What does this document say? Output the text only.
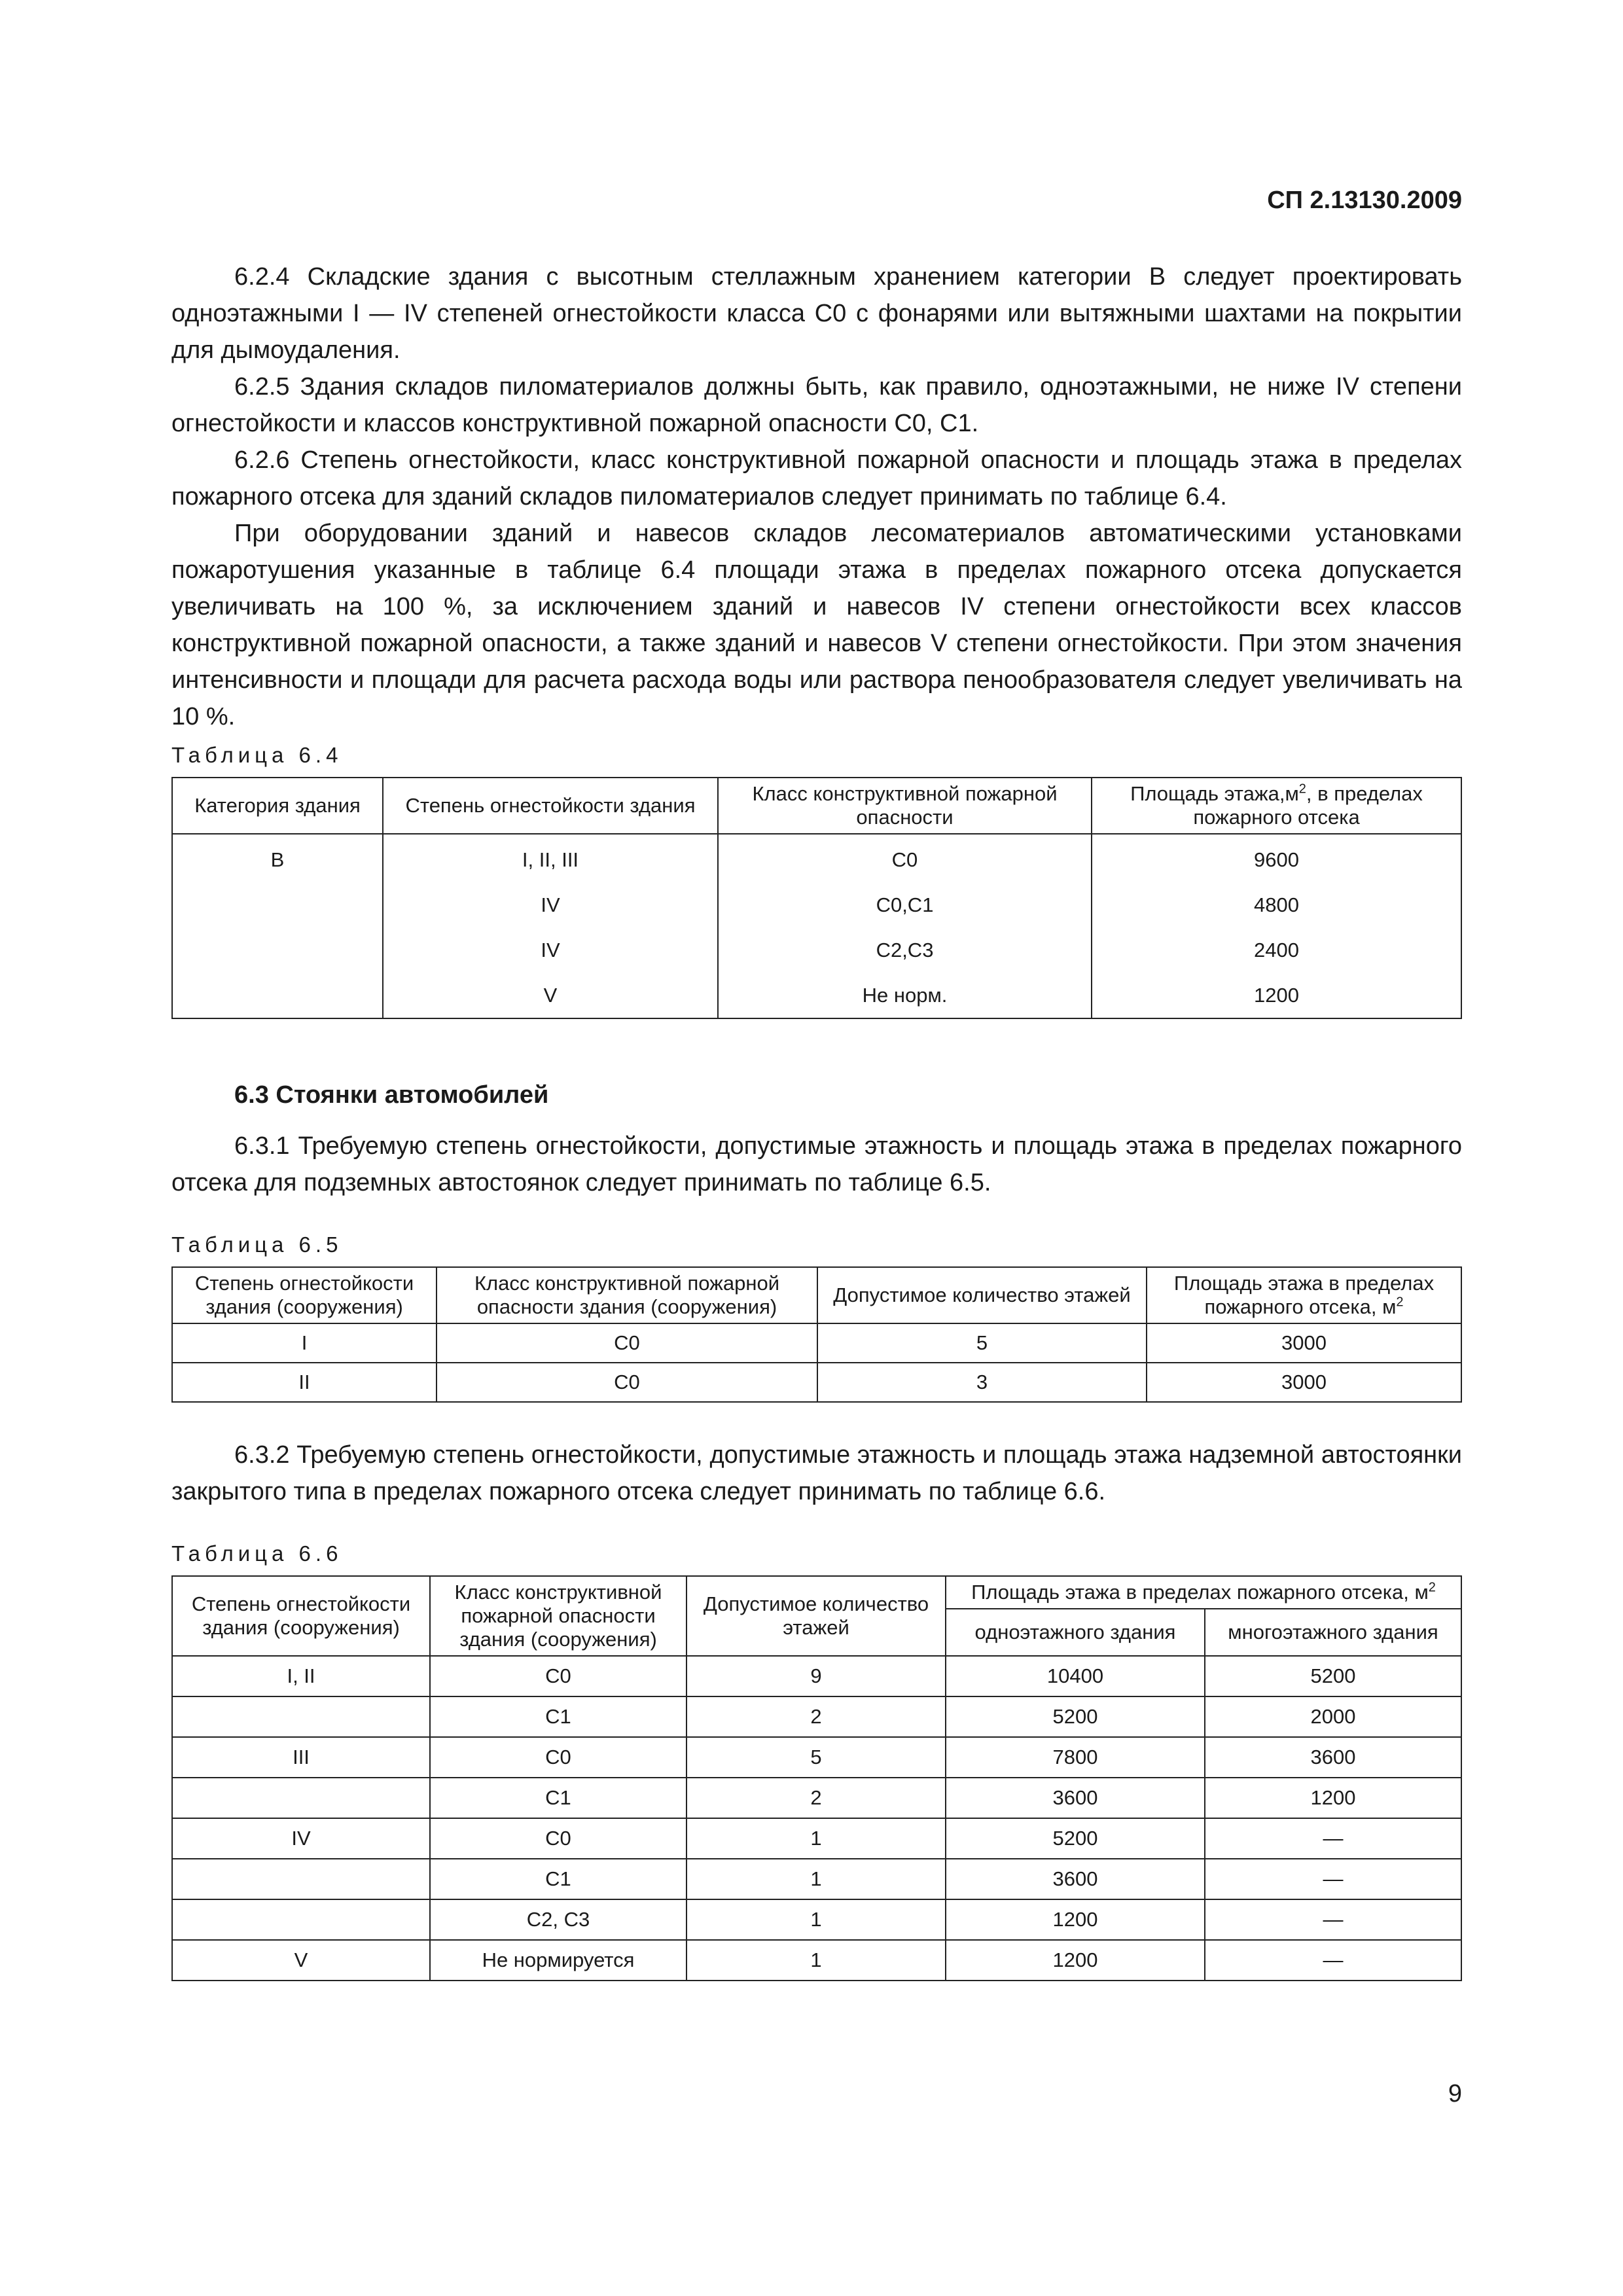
СП 2.13130.2009

6.2.4 Складские здания с высотным стеллажным хранением категории В следует проектировать одноэтажными I — IV степеней огнестойкости класса С0 с фонарями или вытяжными шахтами на покрытии для дымоудаления.

6.2.5 Здания складов пиломатериалов должны быть, как правило, одноэтажными, не ниже IV степени огнестойкости и классов конструктивной пожарной опасности С0, С1.

6.2.6 Степень огнестойкости, класс конструктивной пожарной опасности и площадь этажа в пределах пожарного отсека для зданий складов пиломатериалов следует принимать по таблице 6.4.

При оборудовании зданий и навесов складов лесоматериалов автоматическими установками пожаротушения указанные в таблице 6.4 площади этажа в пределах пожарного отсека допускается увеличивать на 100 %, за исключением зданий и навесов IV степени огнестойкости всех классов конструктивной пожарной опасности, а также зданий и навесов V степени огнестойкости. При этом значения интенсивности и площади для расчета расхода воды или раствора пенообразователя следует увеличивать на 10 %.

Таблица 6.4
Категория здания	Степень огнестойкости здания	Класс конструктивной пожарной опасности	Площадь $этажа,м^2$, в пределах пожарного отсека
В	I, II, III	С0	9600
	IV	С0,С1	4800
	IV	С2,С3	2400
	V	Не норм.	1200
6.3 Стоянки автомобилей

6.3.1 Требуемую степень огнестойкости, допустимые этажность и площадь этажа в пределах пожарного отсека для подземных автостоянок следует принимать по таблице 6.5.

Таблица 6.5
Степень огнестойкости здания (сооружения)	Класс конструктивной пожарной опасности здания (сооружения)	Допустимое количество этажей	Площадь этажа в пределах пожарного отсека, $м^2$
I	С0	5	3000
II	С0	3	3000

6.3.2 Требуемую степень огнестойкости, допустимые этажность и площадь этажа надземной автостоянки закрытого типа в пределах пожарного отсека следует принимать по таблице 6.6.

Таблица 6.6
Степень огнестойкости здания (сооружения)	Класс конструктивной пожарной опасности здания (сооружения)	Допустимое количество этажей	Площадь этажа в пределах пожарного отсека, $м^2$
			одноэтажного здания	многоэтажного здания
I, II	С0	9	10400	5200
	С1	2	5200	2000
III	С0	5	7800	3600
	С1	2	3600	1200
IV	С0	1	5200	—
	С1	1	3600	—
	С2, С3	1	1200	—
V	Не нормируется	1	1200	—
9
